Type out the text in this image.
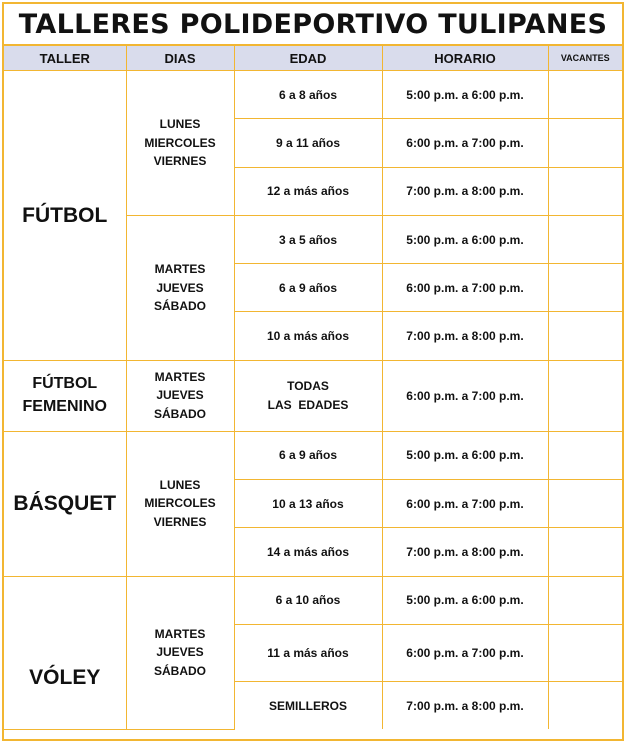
TALLERES POLIDEPORTIVO TULIPANES
TALLER	DIAS	EDAD	HORARIO	VACANTES
FÚTBOL	LUNES
MIERCOLES
VIERNES	6 a 8 años	5:00 p.m. a 6:00 p.m.	
		9 a 11 años	6:00 p.m. a 7:00 p.m.	
		12 a más años	7:00 p.m. a 8:00 p.m.	

	MARTES
JUEVES
SÁBADO	3 a 5 años	5:00 p.m. a 6:00 p.m.	
		6 a 9 años	6:00 p.m. a 7:00 p.m.	
		10 a más años	7:00 p.m. a 8:00 p.m.	

FÚTBOL
FEMENINO	MARTES
JUEVES
SÁBADO	TODAS
LAS  EDADES	6:00 p.m. a 7:00 p.m.	
BÁSQUET	LUNES
MIERCOLES
VIERNES	6 a 9 años	5:00 p.m. a 6:00 p.m.	
		10 a 13 años	6:00 p.m. a 7:00 p.m.	
		14 a más años	7:00 p.m. a 8:00 p.m.	
VÓLEY	MARTES
JUEVES
SÁBADO	6 a 10 años	5:00 p.m. a 6:00 p.m.	
		11 a más años	6:00 p.m. a 7:00 p.m.	
		SEMILLEROS	7:00 p.m. a 8:00 p.m.	
